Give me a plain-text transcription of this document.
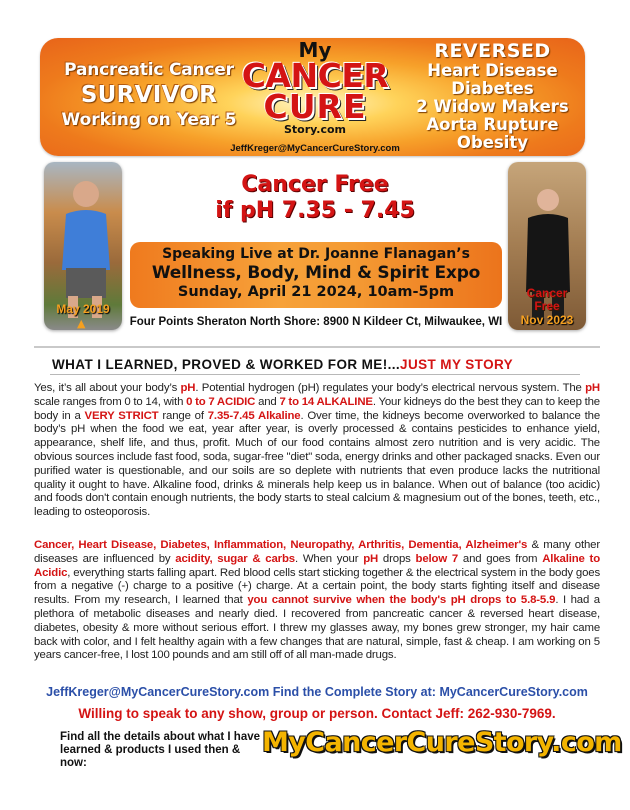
Pancreatic Cancer
SURVIVOR
Working on Year 5
My
CANCER
CURE
Story.com
JeffKreger@MyCancerCureStory.com
REVERSED
Heart Disease
Diabetes
2 Widow Makers
Aorta Rupture
Obesity
May 2019
▲
Cancer
Free
Nov 2023
Cancer Free
if pH 7.35 - 7.45
Speaking Live at Dr. Joanne Flanagan’s
Wellness, Body, Mind & Spirit Expo
Sunday, April 21 2024, 10am-5pm
Four Points Sheraton North Shore: 8900 N Kildeer Ct, Milwaukee, WI
WHAT I LEARNED, PROVED & WORKED FOR ME!...JUST MY STORY
Yes, it’s all about your body’s pH. Potential hydrogen (pH) regulates your body’s electrical nervous system. The pH scale ranges from 0 to 14, with 0 to 7 ACIDIC and 7 to 14 ALKALINE. Your kidneys do the best they can to keep the body in a VERY STRICT range of 7.35-7.45 Alkaline. Over time, the kidneys become overworked to balance the body’s pH when the food we eat, year after year, is overly processed & contains pesticides to enhance yield, appearance, shelf life, and thus, profit. Much of our food contains almost zero nutrition and is very acidic. The obvious sources include fast food, soda, sugar-free "diet" soda, energy drinks and other packaged snacks. Even our purified water is questionable, and our soils are so deplete with nutrients that even produce lacks the nutritional quality it ought to have. Alkaline food, drinks & minerals help keep us in balance. When out of balance (too acidic) and foods don't contain enough nutrients, the body starts to steal calcium & magnesium out of the bones, teeth, etc., leading to osteoporosis.
Cancer, Heart Disease, Diabetes, Inflammation, Neuropathy, Arthritis, Dementia, Alzheimer's & many other diseases are influenced by acidity, sugar & carbs. When your pH drops below 7 and goes from Alkaline to Acidic, everything starts falling apart. Red blood cells start sticking together & the electrical system in the body goes from a negative (-) charge to a positive (+) charge. At a certain point, the body starts fighting itself and disease results. From my research, I learned that you cannot survive when the body's pH drops to 5.8-5.9. I had a plethora of metabolic diseases and nearly died. I recovered from pancreatic cancer & reversed heart disease, diabetes, obesity & more without serious effort. I threw my glasses away, my bones grew stronger, my hair came back with color, and I felt healthy again with a few changes that are natural, simple, fast & cheap. I am working on 5 years cancer-free, I lost 100 pounds and am still off of all man-made drugs.
JeffKreger@MyCancerCureStory.com Find the Complete Story at: MyCancerCureStory.com
Willing to speak to any show, group or person. Contact Jeff: 262-930-7969.
Find all the details about what I have learned & products I used then & now:
MyCancerCureStory.com
